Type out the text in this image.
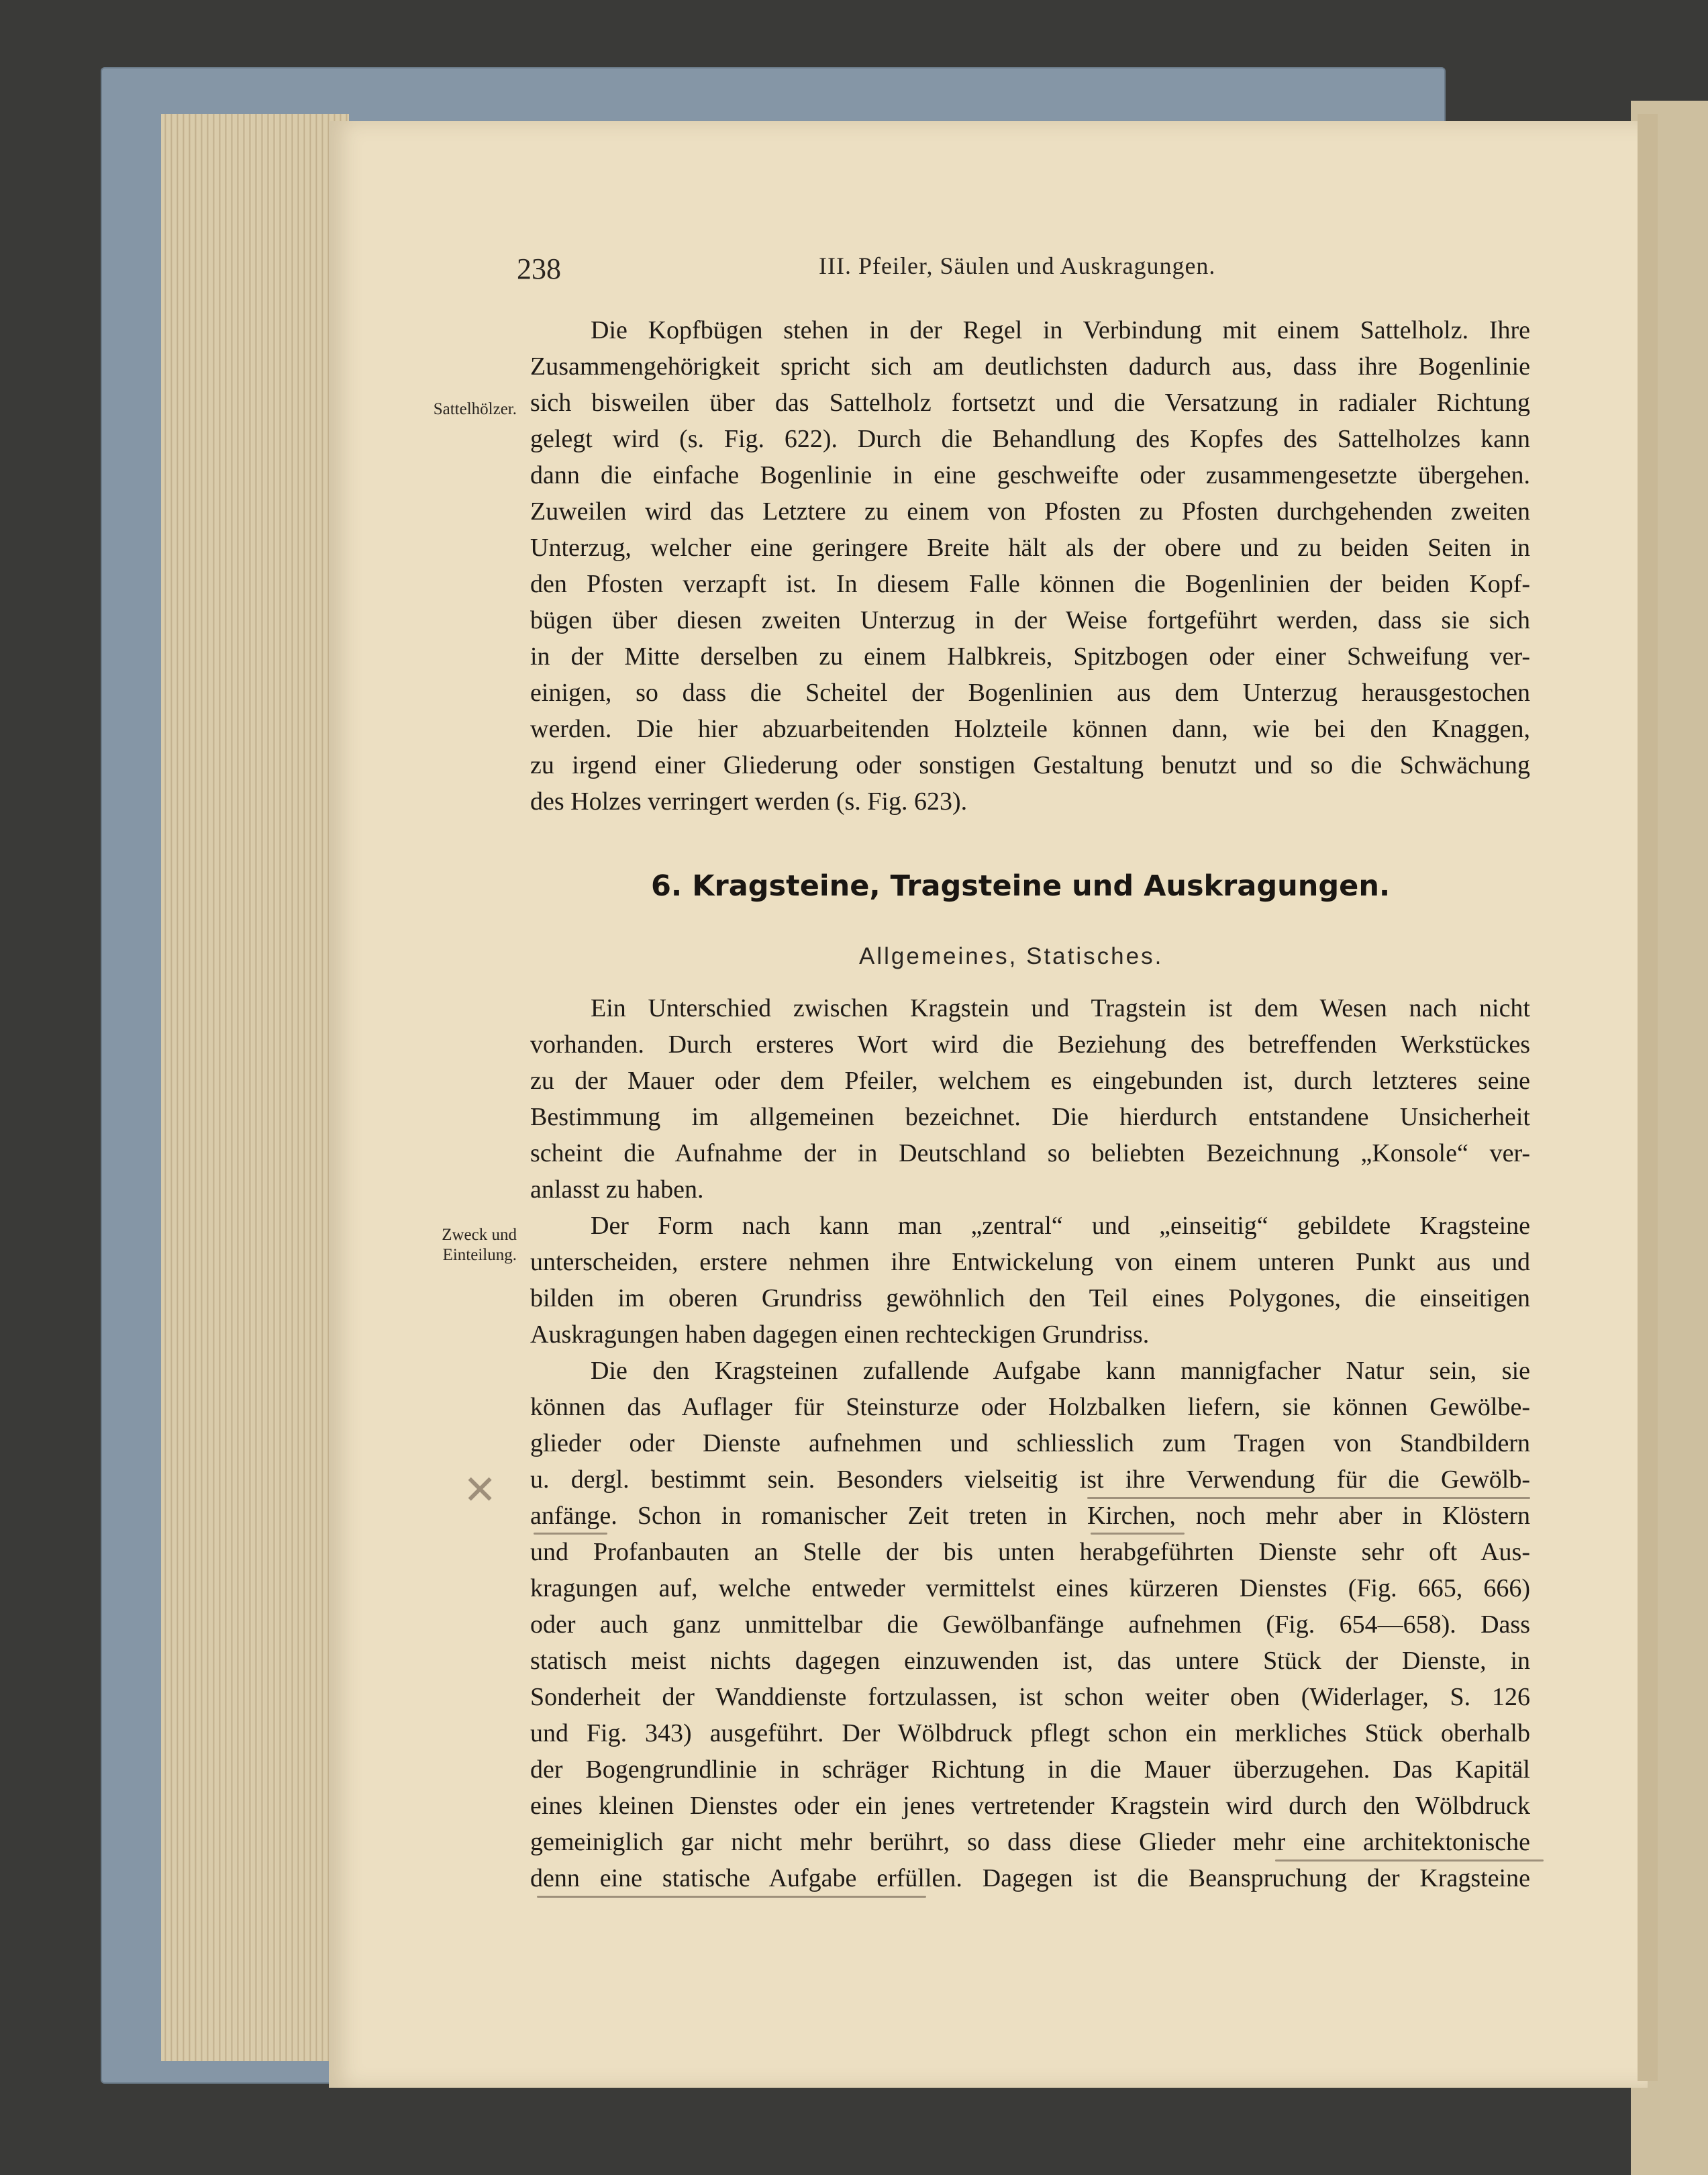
238	III. Pfeiler, Säulen und Auskragungen.
Sattelhölzer.
Die Kopfbügen stehen in der Regel in Verbindung mit einem Sattelholz. Ihre
Zusammengehörigkeit spricht sich am deutlichsten dadurch aus, dass ihre Bogenlinie
sich bisweilen über das Sattelholz fortsetzt und die Versatzung in radialer Richtung
gelegt wird (s. Fig. 622). Durch die Behandlung des Kopfes des Sattelholzes kann
dann die einfache Bogenlinie in eine geschweifte oder zusammengesetzte übergehen.
Zuweilen wird das Letztere zu einem von Pfosten zu Pfosten durchgehenden zweiten
Unterzug, welcher eine geringere Breite hält als der obere und zu beiden Seiten in
den Pfosten verzapft ist. In diesem Falle können die Bogenlinien der beiden Kopf-
bügen über diesen zweiten Unterzug in der Weise fortgeführt werden, dass sie sich
in der Mitte derselben zu einem Halbkreis, Spitzbogen oder einer Schweifung ver-
einigen, so dass die Scheitel der Bogenlinien aus dem Unterzug herausgestochen
werden. Die hier abzuarbeitenden Holzteile können dann, wie bei den Knaggen,
zu irgend einer Gliederung oder sonstigen Gestaltung benutzt und so die Schwächung
des Holzes verringert werden (s. Fig. 623).
6. Kragsteine, Tragsteine und Auskragungen.
Allgemeines, Statisches.
Ein Unterschied zwischen Kragstein und Tragstein ist dem Wesen nach nicht
vorhanden. Durch ersteres Wort wird die Beziehung des betreffenden Werkstückes
zu der Mauer oder dem Pfeiler, welchem es eingebunden ist, durch letzteres seine
Bestimmung im allgemeinen bezeichnet. Die hierdurch entstandene Unsicherheit
scheint die Aufnahme der in Deutschland so beliebten Bezeichnung „Konsole“ ver-
anlasst zu haben.
Zweck und
Einteilung.
Der Form nach kann man „zentral“ und „einseitig“ gebildete Kragsteine
unterscheiden, erstere nehmen ihre Entwickelung von einem unteren Punkt aus und
bilden im oberen Grundriss gewöhnlich den Teil eines Polygones, die einseitigen
Auskragungen haben dagegen einen rechteckigen Grundriss.
Die den Kragsteinen zufallende Aufgabe kann mannigfacher Natur sein, sie
können das Auflager für Steinsturze oder Holzbalken liefern, sie können Gewölbe-
glieder oder Dienste aufnehmen und schliesslich zum Tragen von Standbildern
u. dergl. bestimmt sein. Besonders vielseitig ist ihre Verwendung für die Gewölb-
anfänge. Schon in romanischer Zeit treten in Kirchen, noch mehr aber in Klöstern
und Profanbauten an Stelle der bis unten herabgeführten Dienste sehr oft Aus-
kragungen auf, welche entweder vermittelst eines kürzeren Dienstes (Fig. 665, 666)
oder auch ganz unmittelbar die Gewölbanfänge aufnehmen (Fig. 654—658). Dass
statisch meist nichts dagegen einzuwenden ist, das untere Stück der Dienste, in
Sonderheit der Wanddienste fortzulassen, ist schon weiter oben (Widerlager, S. 126
und Fig. 343) ausgeführt. Der Wölbdruck pflegt schon ein merkliches Stück oberhalb
der Bogengrundlinie in schräger Richtung in die Mauer überzugehen. Das Kapitäl
eines kleinen Dienstes oder ein jenes vertretender Kragstein wird durch den Wölbdruck
gemeiniglich gar nicht mehr berührt, so dass diese Glieder mehr eine architektonische
denn eine statische Aufgabe erfüllen. Dagegen ist die Beanspruchung der Kragsteine
✕
